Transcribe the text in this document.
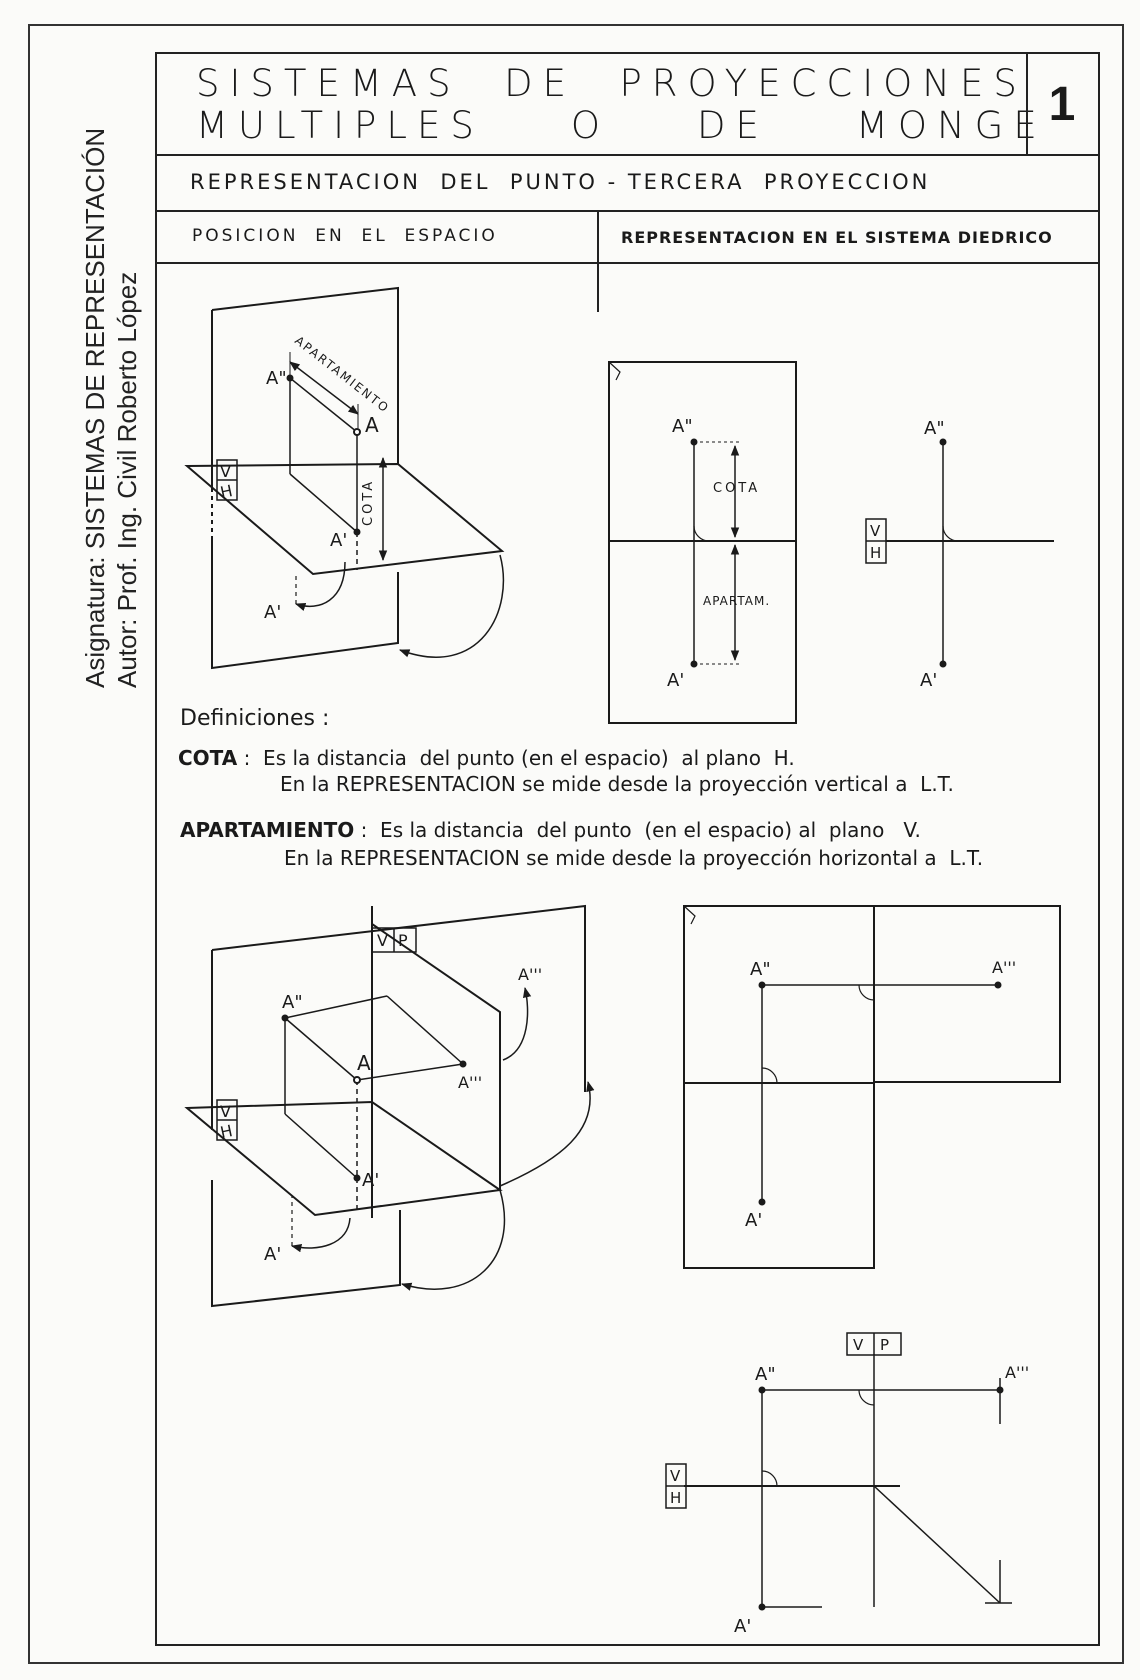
Asignatura: SISTEMAS DE REPRESENTACIÓN Autor: Prof. Ing. Civil Roberto López
SISTEMAS  DE  PROYECCIONES
MULTIPLES    O    DE    MONGE 1
REPRESENTACION  DEL  PUNTO - TERCERA  PROYECCION
POSICION  EN  EL  ESPACIO	REPRESENTACION EN EL SISTEMA DIEDRICO
A"
A
A'
A'
V
H
APARTAMIENTO
COTA
A"
A'
COTA
APARTAM.
A"
A'
V
H
A"
A
A'''
A'''
A'
A'
V P
V
H
A"	A'''
A'
A"	A'''
A'
V P
V
H
Definiciones :
COTA :  Es la distancia  del punto (en el espacio)  al plano  H.
En la REPRESENTACION se mide desde la proyección vertical a  L.T.
APARTAMIENTO :  Es la distancia  del punto  (en el espacio) al  plano   V.
En la REPRESENTACION se mide desde la proyección horizontal a  L.T.
